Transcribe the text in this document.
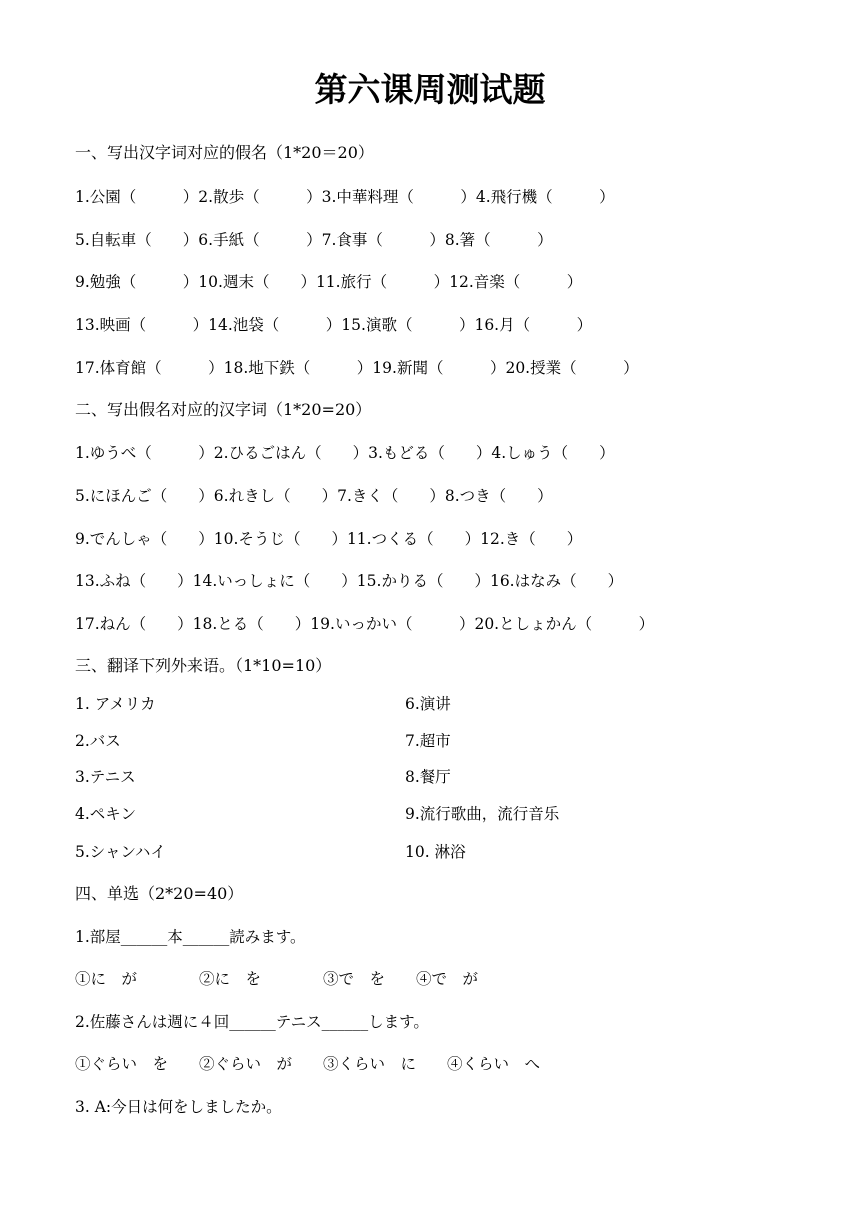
第六课周测试题
一、写出汉字词对应的假名（1*20＝20）
1.公園（　　　）2.散歩（　　　）3.中華料理（　　　）4.飛行機（　　　）
5.自転車（　　）6.手紙（　　　）7.食事（　　　）8.箸（　　　）
9.勉強（　　　）10.週末（　　）11.旅行（　　　）12.音楽（　　　）
13.映画（　　　）14.池袋（　　　）15.演歌（　　　）16.月（　　　）
17.体育館（　　　）18.地下鉄（　　　）19.新聞（　　　）20.授業（　　　）
二、写出假名对应的汉字词（1*20=20）
1.ゆうべ（　　　）2.ひるごはん（　　）3.もどる（　　）4.しゅう（　　）
5.にほんご（　　）6.れきし（　　）7.きく（　　）8.つき（　　）
9.でんしゃ（　　）10.そうじ（　　）11.つくる（　　）12.き（　　）
13.ふね（　　）14.いっしょに（　　）15.かりる（　　）16.はなみ（　　）
17.ねん（　　）18.とる（　　）19.いっかい（　　　）20.としょかん（　　　）
三、翻译下列外来语。（1*10=10）
1. アメリカ
2.バス
3.テニス
4.ペキン
5.シャンハイ
6.演讲
7.超市
8.餐厅
9.流行歌曲，流行音乐
10. 淋浴
四、单选（2*20=40）
1.部屋______本______読みます。
①に　が　　　　②に　を　　　　③で　を　　④で　が
2.佐藤さんは週に４回______テニス______します。
①ぐらい　を　　②ぐらい　が　　③くらい　に　　④くらい　へ
3. A:今日は何をしましたか。
